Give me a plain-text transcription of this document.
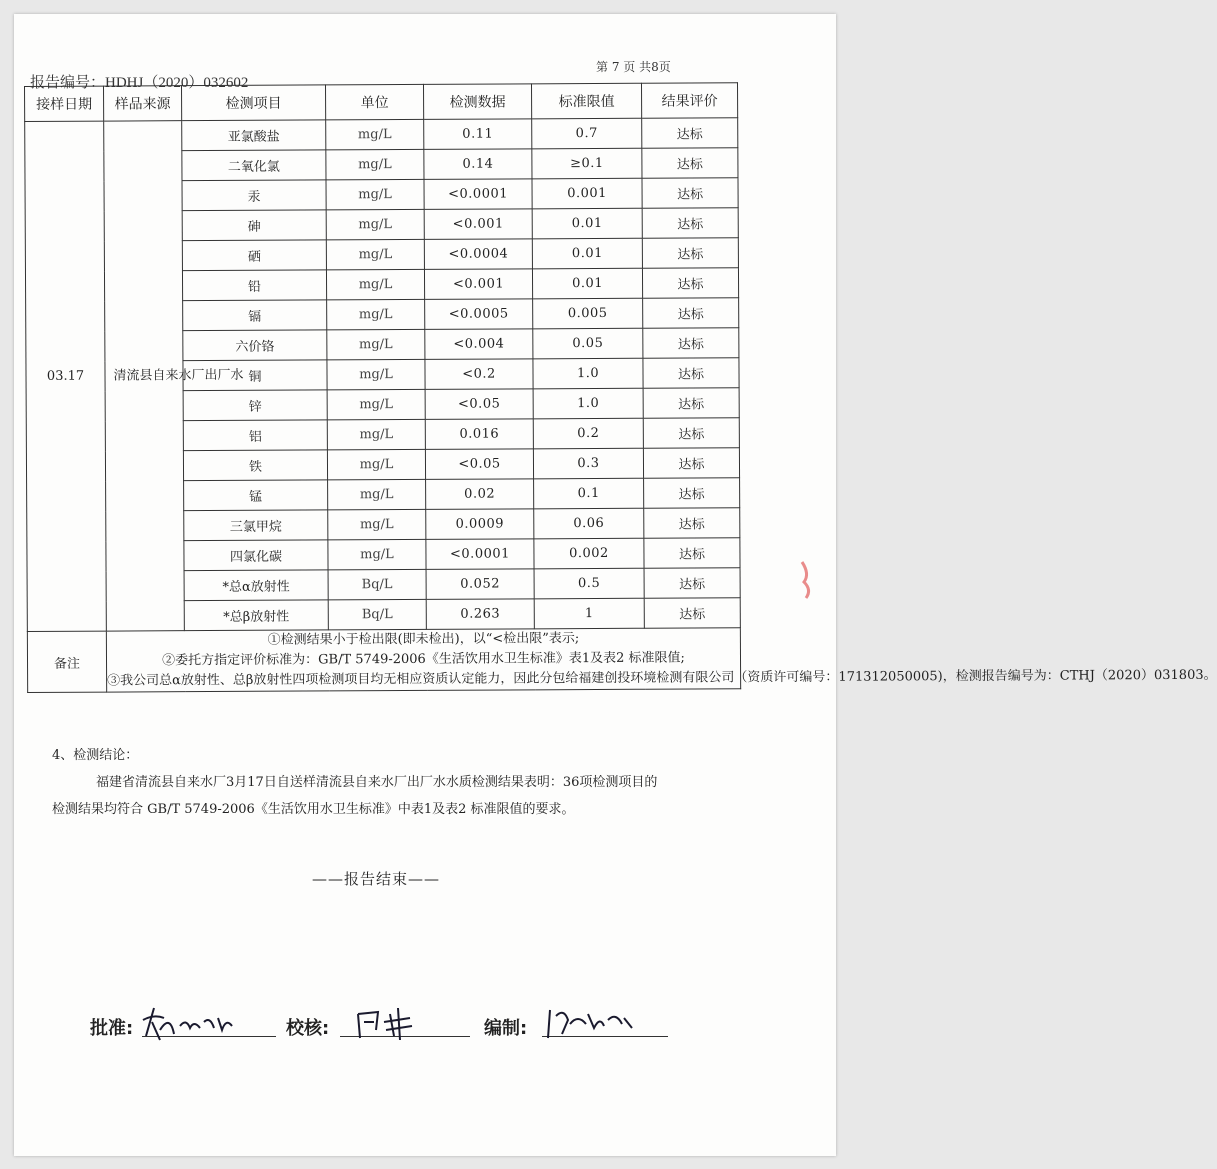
第 7 页 共8页
报告编号：HDHJ（2020）032602
接样日期	样品来源	检测项目	单位	检测数据	标准限值	结果评价
03.17	清流县自来水厂出厂水	亚氯酸盐	mg/L	0.11	0.7	达标
		二氧化氯	mg/L	0.14	≥0.1	达标
		汞	mg/L	<0.0001	0.001	达标
		砷	mg/L	<0.001	0.01	达标
		硒	mg/L	<0.0004	0.01	达标
		铅	mg/L	<0.001	0.01	达标
		镉	mg/L	<0.0005	0.005	达标
		六价铬	mg/L	<0.004	0.05	达标
		铜	mg/L	<0.2	1.0	达标
		锌	mg/L	<0.05	1.0	达标
		铝	mg/L	0.016	0.2	达标
		铁	mg/L	<0.05	0.3	达标
		锰	mg/L	0.02	0.1	达标
		三氯甲烷	mg/L	0.0009	0.06	达标
		四氯化碳	mg/L	<0.0001	0.002	达标
		*总α放射性	Bq/L	0.052	0.5	达标
		*总β放射性	Bq/L	0.263	1	达标
备注	①检测结果小于检出限(即未检出)，以“<检出限”表示;
②委托方指定评价标准为：GB/T 5749-2006《生活饮用水卫生标准》表1及表2 标准限值;
③我公司总α放射性、总β放射性四项检测项目均无相应资质认定能力，因此分包给福建创投环境检测有限公司（资质许可编号：171312050005)，检测报告编号为：CTHJ（2020）031803。					
4、检测结论：
福建省清流县自来水厂3月17日自送样清流县自来水厂出厂水水质检测结果表明：36项检测项目的
检测结果均符合 GB/T 5749-2006《生活饮用水卫生标准》中表1及表2 标准限值的要求。
——报告结束——
批准:	校核:	编制:
